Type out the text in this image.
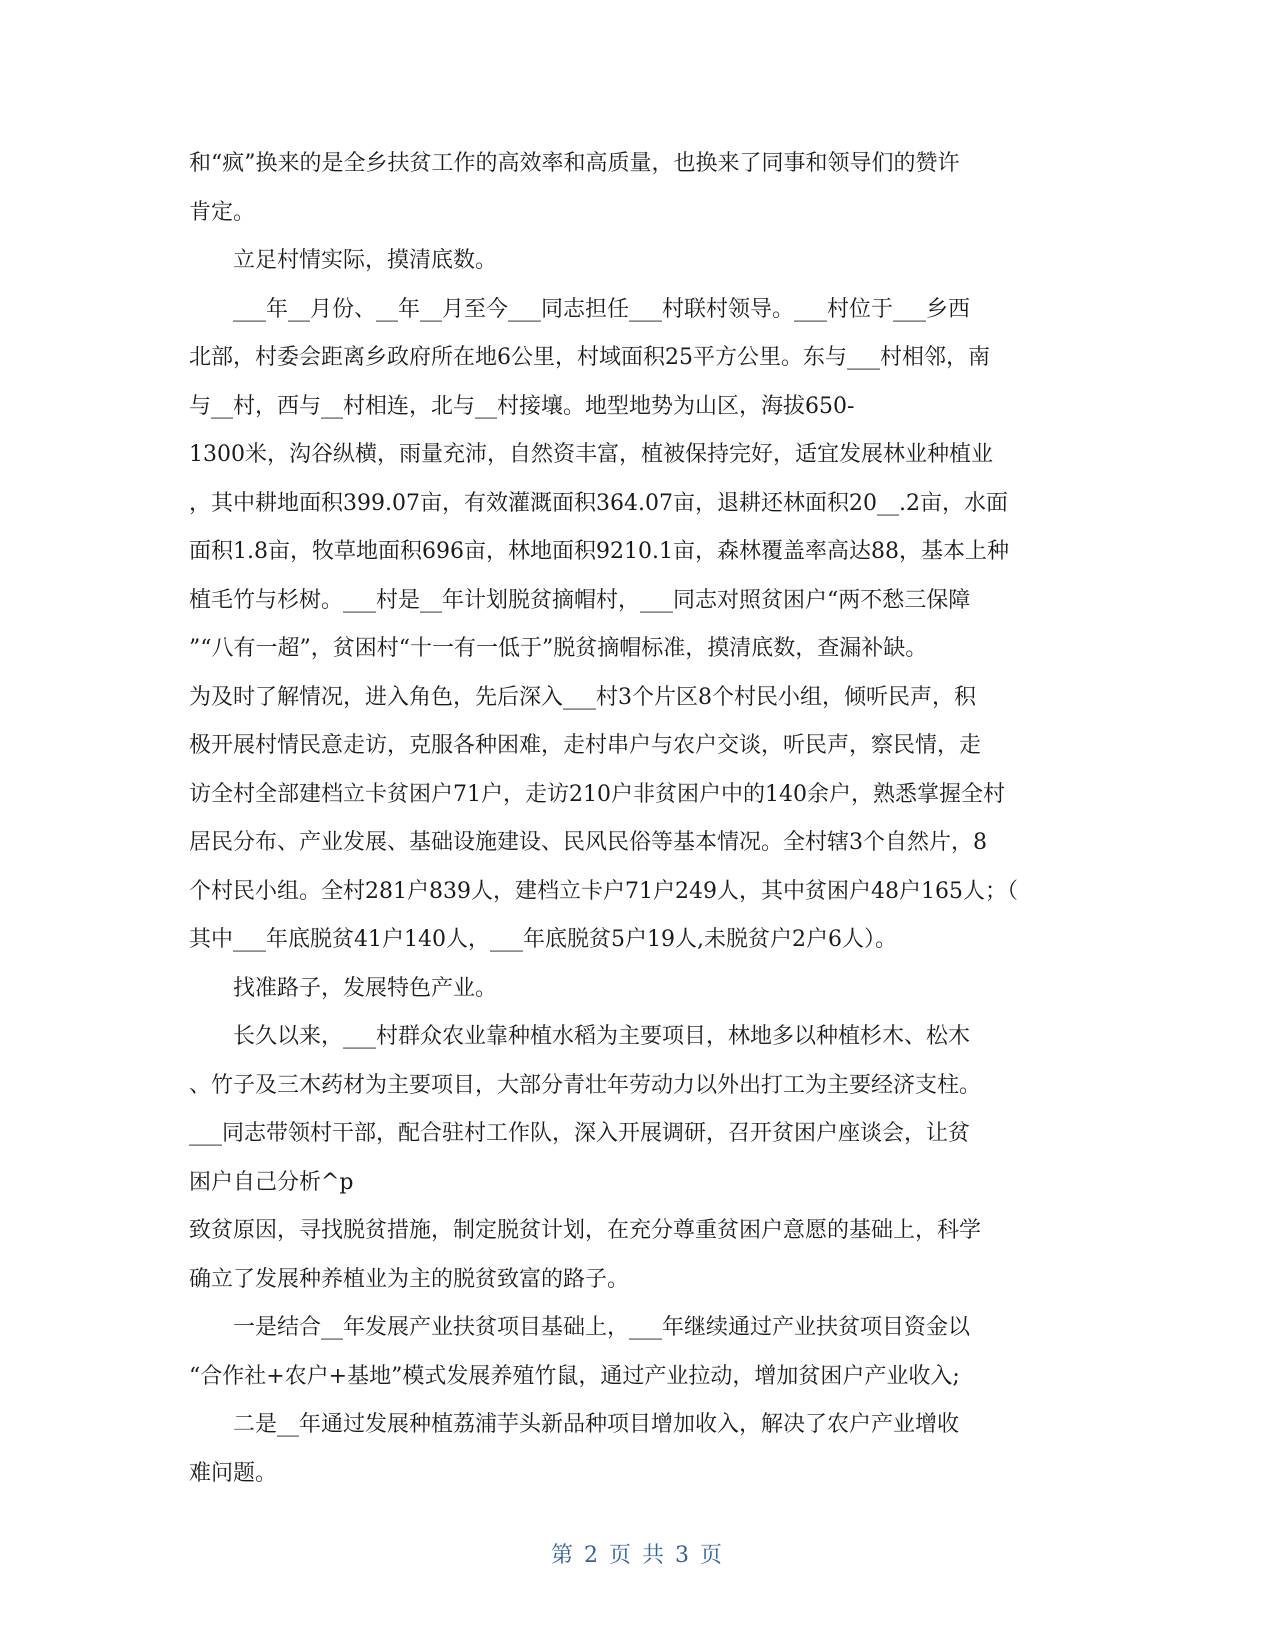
和“疯”换来的是全乡扶贫工作的高效率和高质量，也换来了同事和领导们的赞许
肯定。
立足村情实际，摸清底数。
___年__月份、__年__月至今___同志担任___村联村领导。___村位于___乡西
北部，村委会距离乡政府所在地6公里，村域面积25平方公里。东与___村相邻，南
与__村，西与__村相连，北与__村接壤。地型地势为山区，海拔650-
1300米，沟谷纵横，雨量充沛，自然资丰富，植被保持完好，适宜发展林业种植业
，其中耕地面积399.07亩，有效灌溉面积364.07亩，退耕还林面积20__.2亩，水面
面积1.8亩，牧草地面积696亩，林地面积9210.1亩，森林覆盖率高达88，基本上种
植毛竹与杉树。___村是__年计划脱贫摘帽村，___同志对照贫困户“两不愁三保障
”“八有一超”，贫困村“十一有一低于”脱贫摘帽标准，摸清底数，查漏补缺。
为及时了解情况，进入角色，先后深入___村3个片区8个村民小组，倾听民声，积
极开展村情民意走访，克服各种困难，走村串户与农户交谈，听民声，察民情，走
访全村全部建档立卡贫困户71户，走访210户非贫困户中的140余户，熟悉掌握全村
居民分布、产业发展、基础设施建设、民风民俗等基本情况。全村辖3个自然片，8
个村民小组。全村281户839人，建档立卡户71户249人，其中贫困户48户165人；（
其中___年底脱贫41户140人，___年底脱贫5户19人,未脱贫户2户6人）。
找准路子，发展特色产业。
长久以来，___村群众农业靠种植水稻为主要项目，林地多以种植杉木、松木
、竹子及三木药材为主要项目，大部分青壮年劳动力以外出打工为主要经济支柱。
___同志带领村干部，配合驻村工作队，深入开展调研，召开贫困户座谈会，让贫
困户自己分析^p
致贫原因，寻找脱贫措施，制定脱贫计划，在充分尊重贫困户意愿的基础上，科学
确立了发展种养植业为主的脱贫致富的路子。
一是结合__年发展产业扶贫项目基础上，___年继续通过产业扶贫项目资金以
“合作社+农户+基地”模式发展养殖竹鼠，通过产业拉动，增加贫困户产业收入;
二是__年通过发展种植荔浦芋头新品种项目增加收入，解决了农户产业增收
难问题。
第 2 页 共 3 页
